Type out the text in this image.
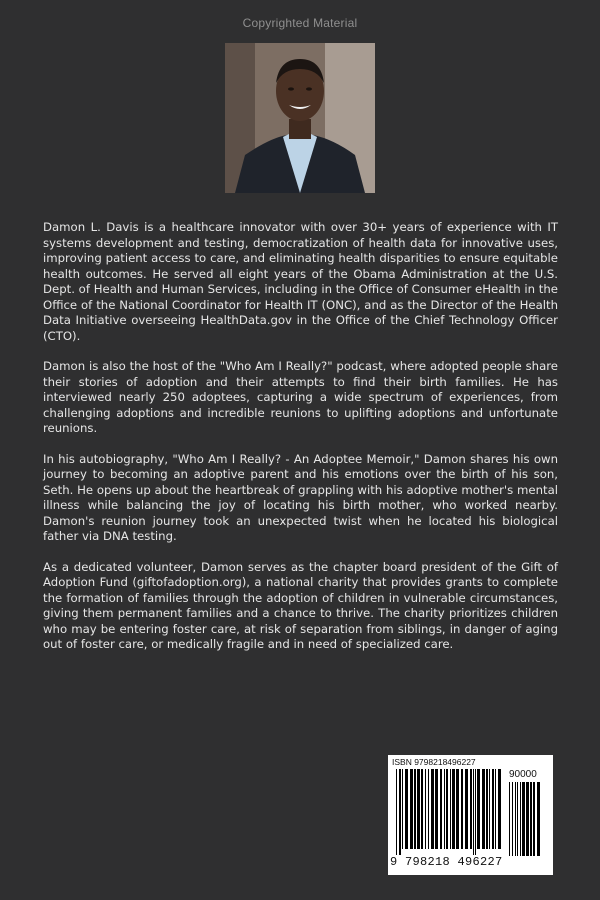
Copyrighted Material

Damon L. Davis is a healthcare innovator with over 30+ years of experience with IT systems development and testing, democratization of health data for innovative uses, improving patient access to care, and eliminating health disparities to ensure equitable health outcomes. He served all eight years of the Obama Administration at the U.S. Dept. of Health and Human Services, including in the Office of Consumer eHealth in the Office of the National Coordinator for Health IT (ONC), and as the Director of the Health Data Initiative overseeing HealthData.gov in the Office of the Chief Technology Officer (CTO).

Damon is also the host of the "Who Am I Really?" podcast, where adopted people share their stories of adoption and their attempts to find their birth families. He has interviewed nearly 250 adoptees, capturing a wide spectrum of experiences, from challenging adoptions and incredible reunions to uplifting adoptions and unfortunate reunions.

In his autobiography, "Who Am I Really? - An Adoptee Memoir," Damon shares his own journey to becoming an adoptive parent and his emotions over the birth of his son, Seth. He opens up about the heartbreak of grappling with his adoptive mother's mental illness while balancing the joy of locating his birth mother, who worked nearby. Damon's reunion journey took an unexpected twist when he located his biological father via DNA testing.

As a dedicated volunteer, Damon serves as the chapter board president of the Gift of Adoption Fund (giftofadoption.org), a national charity that provides grants to complete the formation of families through the adoption of children in vulnerable circumstances, giving them permanent families and a chance to thrive. The charity prioritizes children who may be entering foster care, at risk of separation from siblings, in danger of aging out of foster care, or medically fragile and in need of specialized care.

ISBN 9798218496227
90000
9 798218 496227
